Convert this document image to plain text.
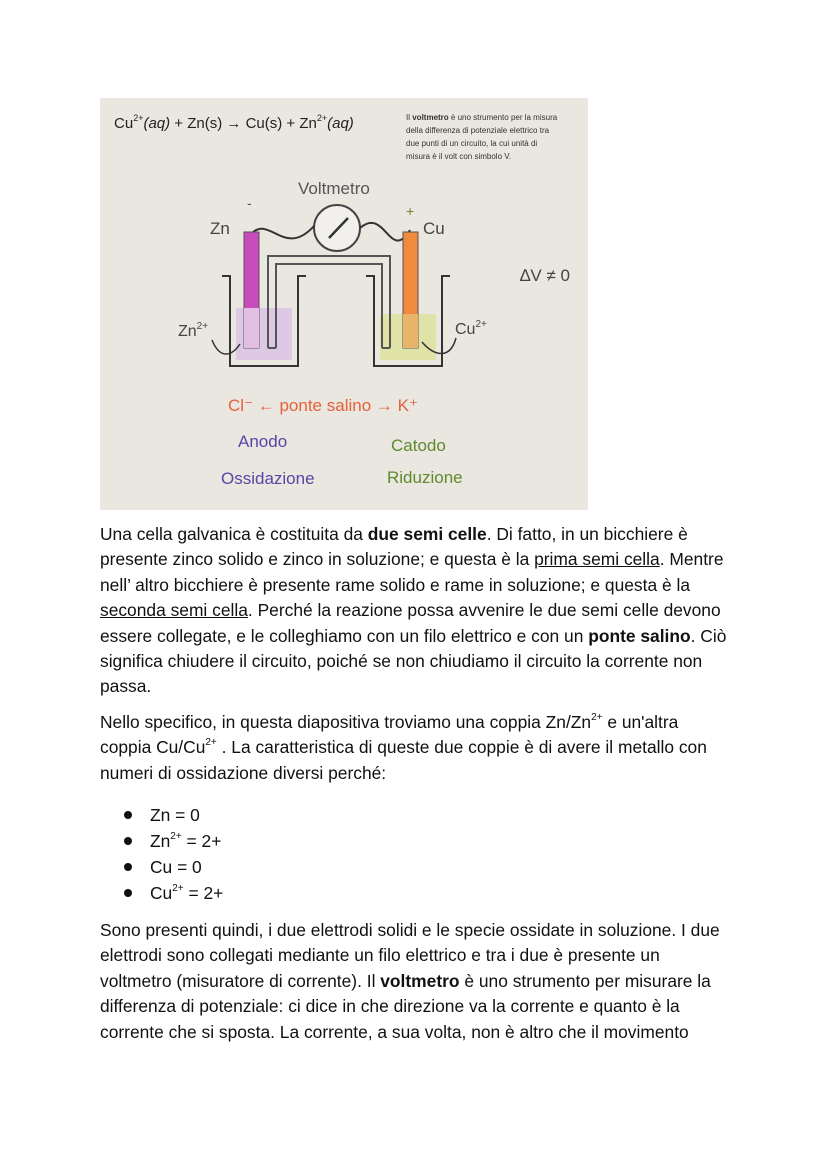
$Cu^{2+}(aq) + Zn(s) \to Cu(s) + Zn^{2+}(aq)$	Il voltmetro è uno strumento per la misura
della differenza di potenziale elettrico tra
due punti di un circuito, la cui unità di
misura è il volt con simbolo V.
Voltmetro
-	+
Zn	Cu
∆V ≠ 0
$Zn^{2+}$	$Cu^{2+}$
Cl⁻ ← ponte salino → K⁺
Anodo	Catodo
Ossidazione	Riduzione

Una cella galvanica è costituita da due semi celle. Di fatto, in un bicchiere è presente zinco solido e zinco in soluzione; e questa è la prima semi cella. Mentre nell’ altro bicchiere è presente rame solido e rame in soluzione; e questa è la seconda semi cella. Perché la reazione possa avvenire le due semi celle devono essere collegate, e le colleghiamo con un filo elettrico e con un ponte salino. Ciò significa chiudere il circuito, poiché se non chiudiamo il circuito la corrente non passa.

Nello specifico, in questa diapositiva troviamo una coppia $Zn/Zn^{2+}$ e un'altra coppia $Cu/Cu^{2+}$ . La caratteristica di queste due coppie è di avere il metallo con numeri di ossidazione diversi perché:

Zn = 0
$Zn^{2+} = 2+$
Cu = 0
$Cu^{2+} = 2+$

Sono presenti quindi, i due elettrodi solidi e le specie ossidate in soluzione. I due elettrodi sono collegati mediante un filo elettrico e tra i due è presente un voltmetro (misuratore di corrente). Il voltmetro è uno strumento per misurare la differenza di potenziale: ci dice in che direzione va la corrente e quanto è la corrente che si sposta. La corrente, a sua volta, non è altro che il movimento
